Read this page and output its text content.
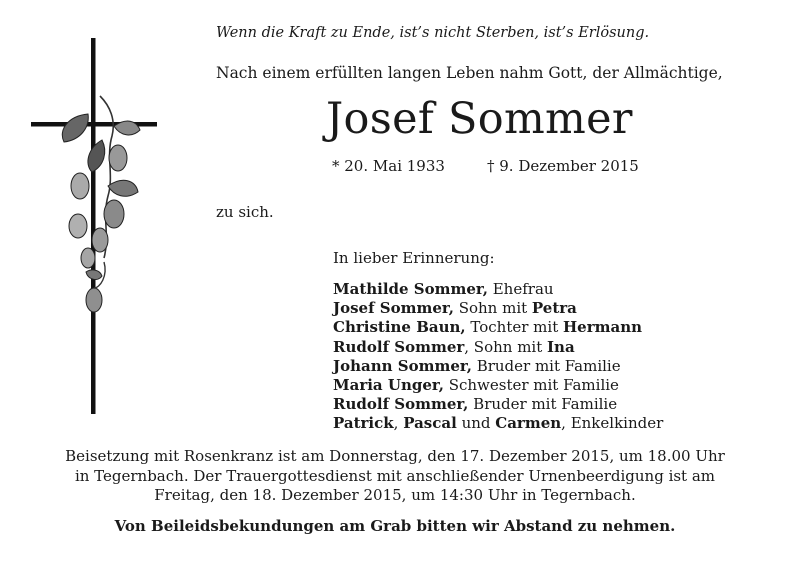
Wenn die Kraft zu Ende, ist’s nicht Sterben, ist’s Erlösung.
Nach einem erfüllten langen Leben nahm Gott, der Allmächtige,
Josef Sommer
* 20. Mai 1933	† 9. Dezember 2015
zu sich.
In lieber Erinnerung:
Mathilde Sommer, Ehefrau
Josef Sommer, Sohn mit Petra
Christine Baun, Tochter mit Hermann
Rudolf Sommer, Sohn mit Ina
Johann Sommer, Bruder mit Familie
Maria Unger, Schwester mit Familie
Rudolf Sommer, Bruder mit Familie
Patrick, Pascal und Carmen, Enkelkinder
Beisetzung mit Rosenkranz ist am Donnerstag, den 17. Dezember 2015, um 18.00 Uhr
in Tegernbach. Der Trauergottesdienst mit anschließender Urnenbeerdigung ist am
Freitag, den 18. Dezember 2015, um 14:30 Uhr in Tegernbach.
Von Beileidsbekundungen am Grab bitten wir Abstand zu nehmen.
